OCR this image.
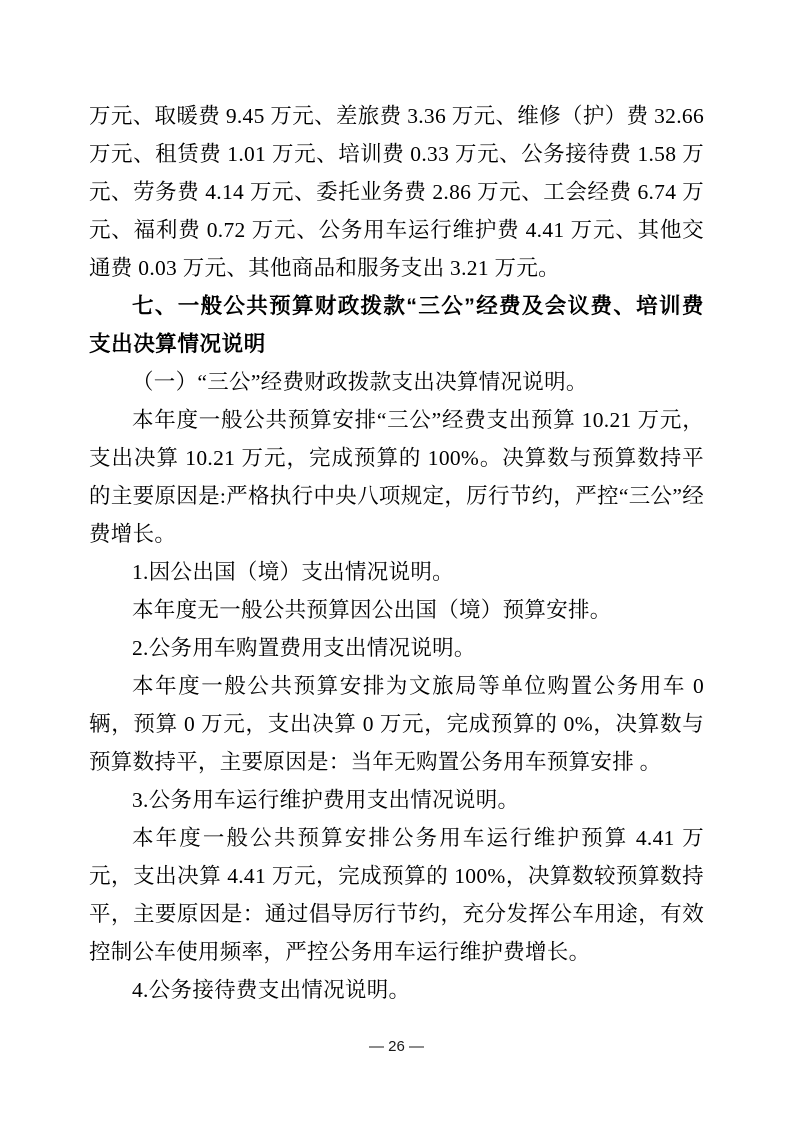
万元、取暖费 9.45 万元、差旅费 3.36 万元、维修（护）费 32.66 万元、租赁费 1.01 万元、培训费 0.33 万元、公务接待费 1.58 万元、劳务费 4.14 万元、委托业务费 2.86 万元、工会经费 6.74 万元、福利费 0.72 万元、公务用车运行维护费 4.41 万元、其他交通费 0.03 万元、其他商品和服务支出 3.21 万元。

七、一般公共预算财政拨款“三公”经费及会议费、培训费支出决算情况说明

（一）“三公”经费财政拨款支出决算情况说明。

本年度一般公共预算安排“三公”经费支出预算 10.21 万元，支出决算 10.21 万元，完成预算的 100%。决算数与预算数持平的主要原因是:严格执行中央八项规定，厉行节约，严控“三公”经费增长。

1.因公出国（境）支出情况说明。

本年度无一般公共预算因公出国（境）预算安排。

2.公务用车购置费用支出情况说明。

本年度一般公共预算安排为文旅局等单位购置公务用车 0 辆，预算 0 万元，支出决算 0 万元，完成预算的 0%，决算数与预算数持平，主要原因是：当年无购置公务用车预算安排 。

3.公务用车运行维护费用支出情况说明。

本年度一般公共预算安排公务用车运行维护预算 4.41 万元，支出决算 4.41 万元，完成预算的 100%，决算数较预算数持平，主要原因是：通过倡导厉行节约，充分发挥公车用途，有效控制公车使用频率，严控公务用车运行维护费增长。

4.公务接待费支出情况说明。

— 26 —
